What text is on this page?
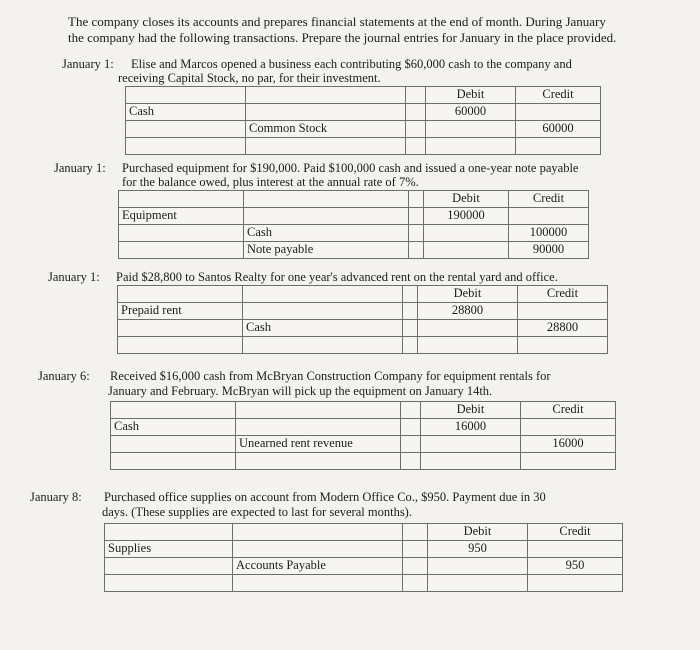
The company closes its accounts and prepares financial statements at the end of month. During January
the company had the following transactions. Prepare the journal entries for January in the place provided.
January 1: Elise and Marcos opened a business each contributing $60,000 cash to the company and
receiving Capital Stock, no par, for their investment.
			Debit	Credit
Cash			60000	
	Common Stock			60000

January 1: Purchased equipment for $190,000. Paid $100,000 cash and issued a one-year note payable
for the balance owed, plus interest at the annual rate of 7%.
			Debit	Credit
Equipment			190000	
	Cash			100000
	Note payable			90000
January 1: Paid $28,800 to Santos Realty for one year's advanced rent on the rental yard and office.
			Debit	Credit
Prepaid rent			28800	
	Cash			28800

January 6: Received $16,000 cash from McBryan Construction Company for equipment rentals for
January and February. McBryan will pick up the equipment on January 14th.
			Debit	Credit
Cash			16000	
	Unearned rent revenue			16000

January 8: Purchased office supplies on account from Modern Office Co., $950. Payment due in 30
days. (These supplies are expected to last for several months).
			Debit	Credit
Supplies			950	
	Accounts Payable			950
